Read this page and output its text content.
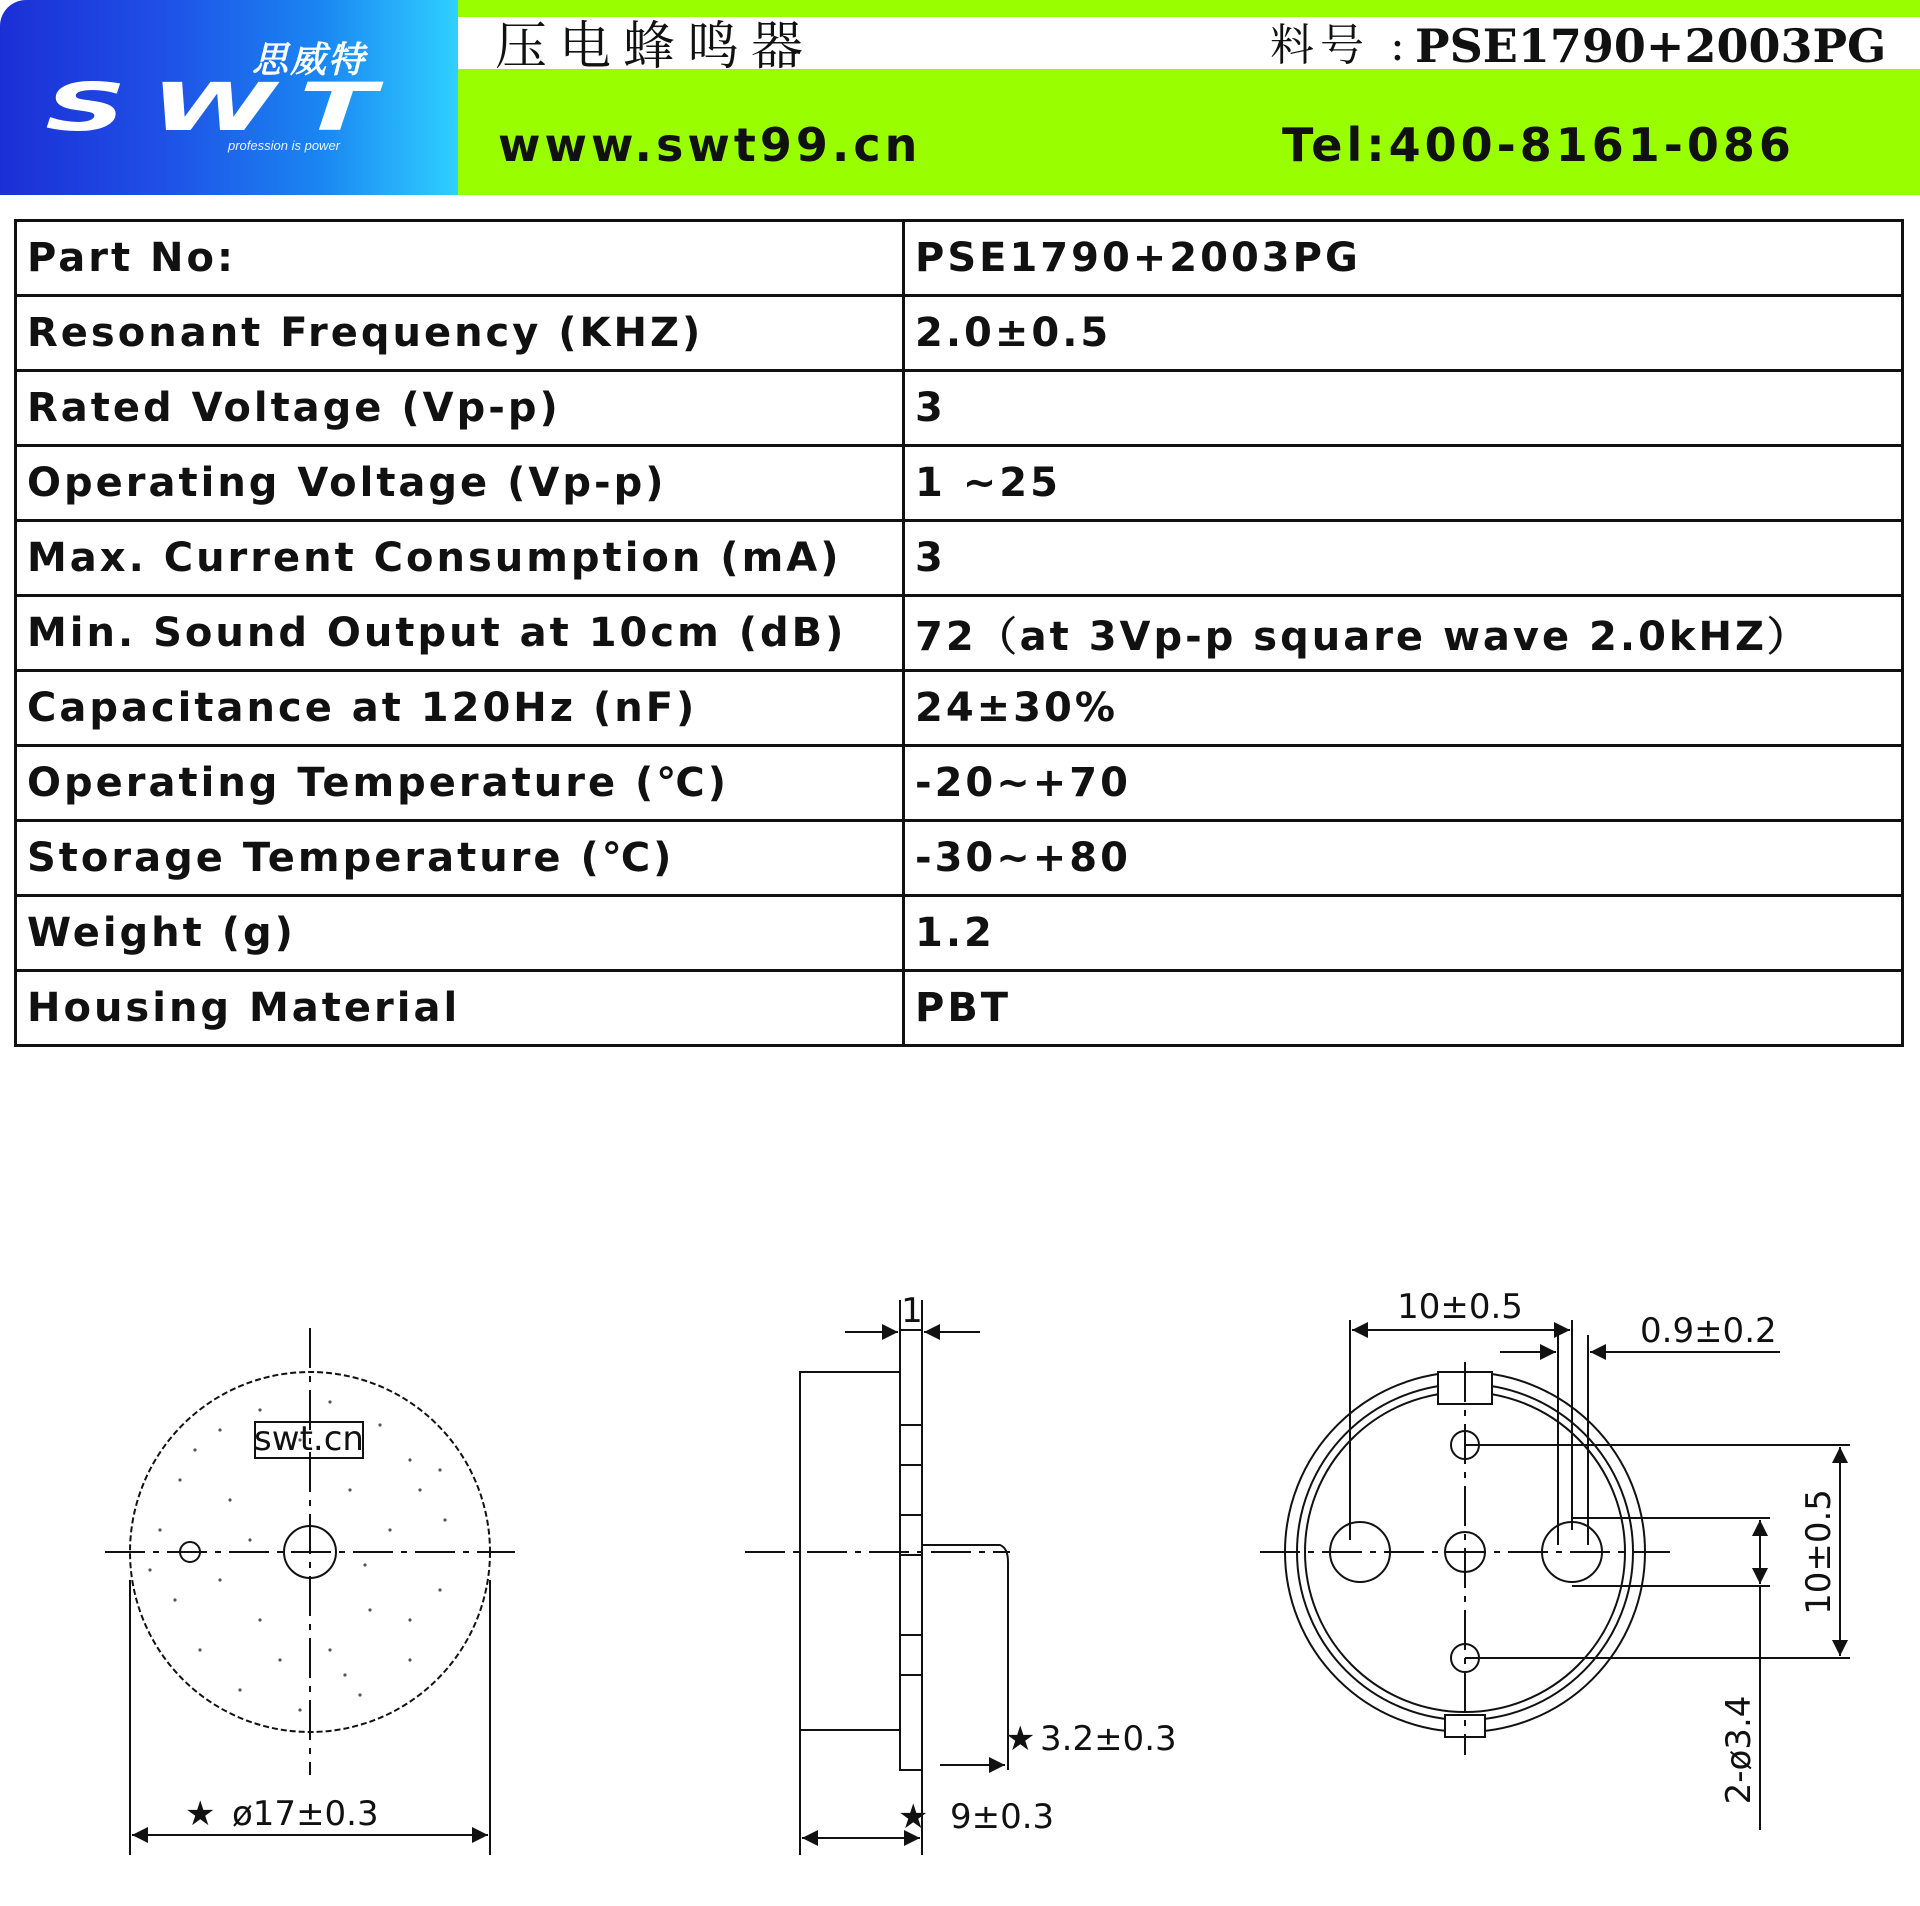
思威特
SWT
profession is power
压电蜂鸣器	料号 : PSE1790+2003PG
www.swt99.cn	Tel:400-8161-086
Part No:	PSE1790+2003PG
Resonant Frequency (KHZ)	2.0±0.5
Rated Voltage (Vp-p)	3
Operating Voltage (Vp-p)	1 ~25
Max. Current Consumption (mA)	3
Min. Sound Output at 10cm (dB)	72（at 3Vp-p square wave 2.0kHZ）
Capacitance at 120Hz (nF)	24±30%
Operating Temperature (℃)	-20~+70
Storage Temperature (℃)	-30~+80
Weight (g)	1.2
Housing Material	PBT
swt.cn
★ ø17±0.3
1
★ 3.2±0.3
★ 9±0.3
10±0.5
0.9±0.2
10±0.5
2-ø3.4
